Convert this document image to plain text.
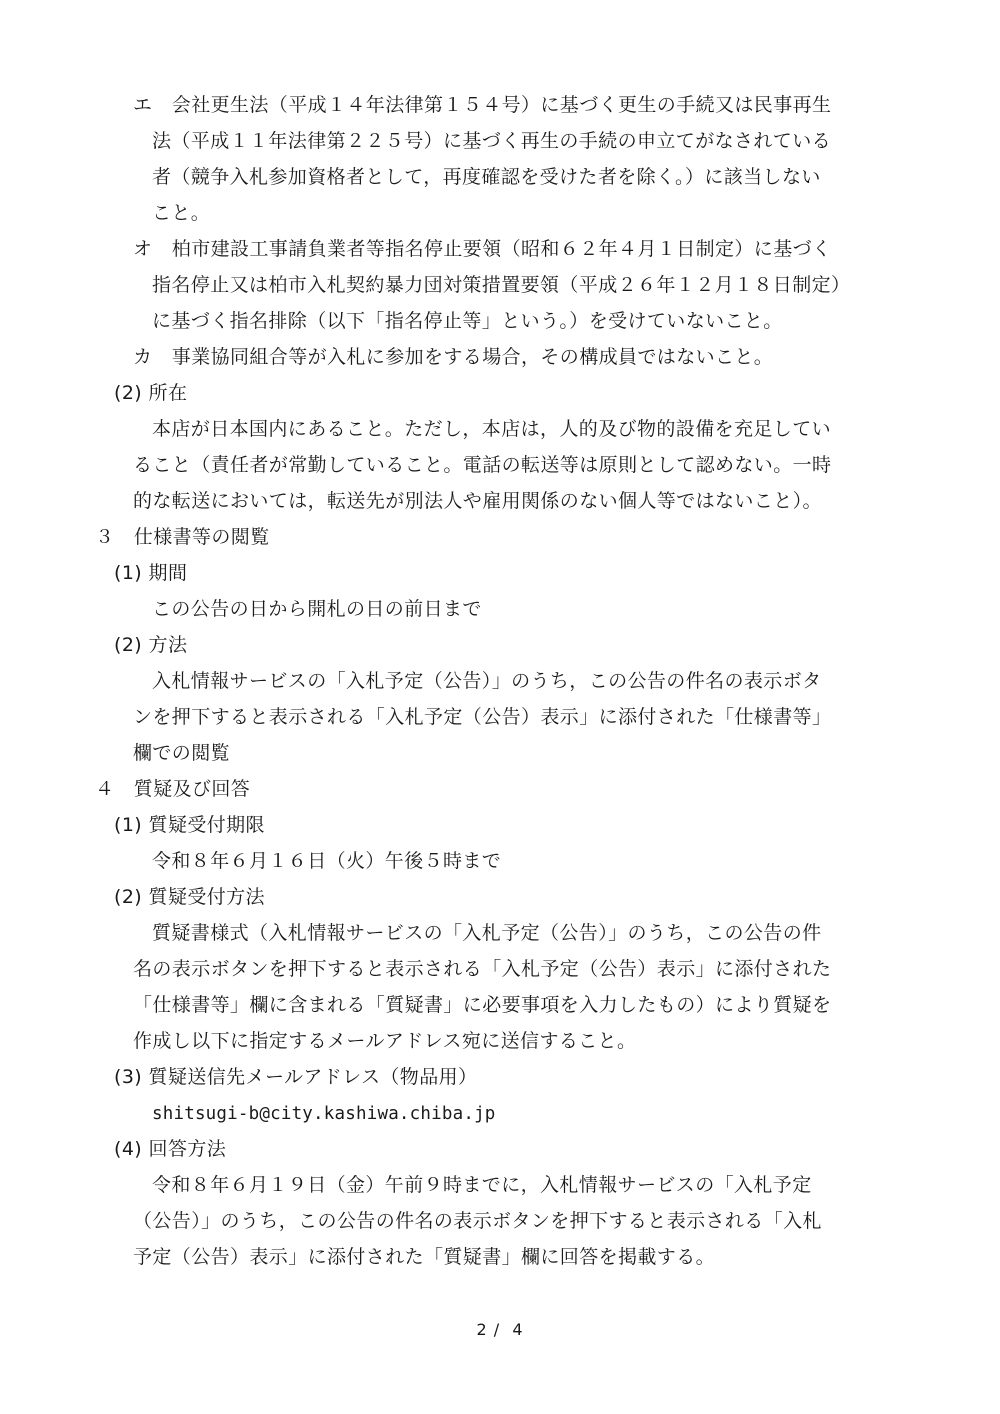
エ　会社更生法（平成１４年法律第１５４号）に基づく更生の手続又は民事再生
法（平成１１年法律第２２５号）に基づく再生の手続の申立てがなされている
者（競争入札参加資格者として，再度確認を受けた者を除く。）に該当しない
こと。
オ　柏市建設工事請負業者等指名停止要領（昭和６２年４月１日制定）に基づく
指名停止又は柏市入札契約暴力団対策措置要領（平成２６年１２月１８日制定）
に基づく指名排除（以下「指名停止等」という。）を受けていないこと。
カ　事業協同組合等が入札に参加をする場合，その構成員ではないこと。
(2) 所在
本店が日本国内にあること。ただし，本店は，人的及び物的設備を充足してい
ること（責任者が常勤していること。電話の転送等は原則として認めない。一時
的な転送においては，転送先が別法人や雇用関係のない個人等ではないこと）。
３　仕様書等の閲覧
(1) 期間
この公告の日から開札の日の前日まで
(2) 方法
入札情報サービスの「入札予定（公告）」のうち，この公告の件名の表示ボタ
ンを押下すると表示される「入札予定（公告）表示」に添付された「仕様書等」
欄での閲覧
４　質疑及び回答
(1) 質疑受付期限
令和８年６月１６日（火）午後５時まで
(2) 質疑受付方法
質疑書様式（入札情報サービスの「入札予定（公告）」のうち，この公告の件
名の表示ボタンを押下すると表示される「入札予定（公告）表示」に添付された
「仕様書等」欄に含まれる「質疑書」に必要事項を入力したもの）により質疑を
作成し以下に指定するメールアドレス宛に送信すること。
(3) 質疑送信先メールアドレス（物品用）
shitsugi-b@city.kashiwa.chiba.jp
(4) 回答方法
令和８年６月１９日（金）午前９時までに，入札情報サービスの「入札予定
（公告）」のうち，この公告の件名の表示ボタンを押下すると表示される「入札
予定（公告）表示」に添付された「質疑書」欄に回答を掲載する。
2 /  4
